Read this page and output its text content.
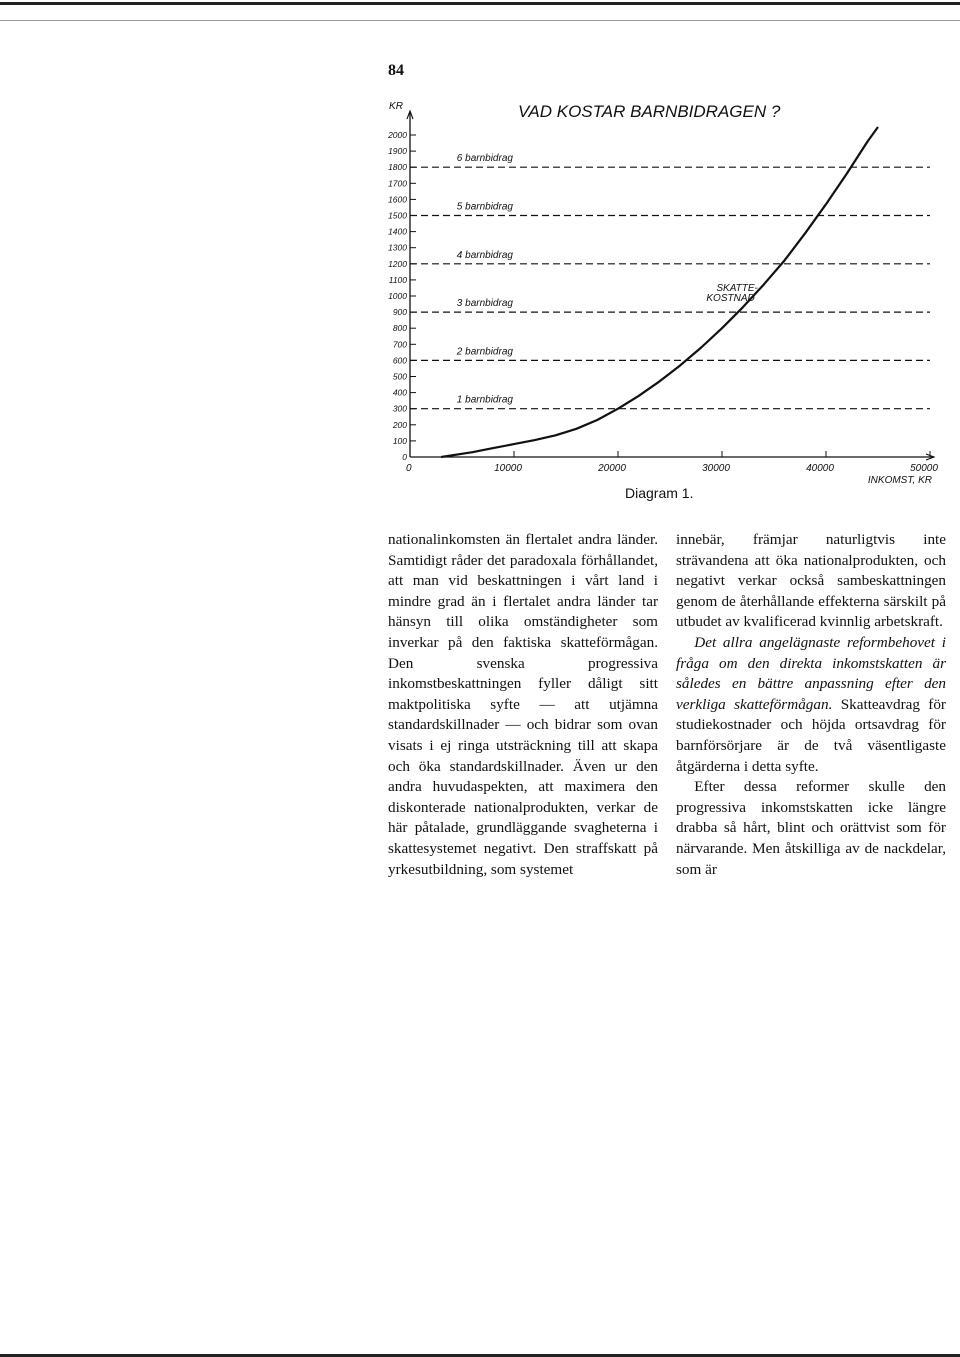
84
VAD KOSTAR BARNBIDRAGEN ?
KR
INKOMST, KR
0
100
200
300
400
500
600
700
800
900
1000
1100
1200
1300
1400
1500
1600
1700
1800
1900
2000
0	10000	20000	30000	40000	50000
1 barnbidrag
2 barnbidrag
3 barnbidrag
4 barnbidrag
5 barnbidrag
6 barnbidrag
SKATTE-
KOSTNAD
Diagram 1.

nationalinkomsten än flertalet andra länder. Samtidigt råder det paradoxala förhållandet, att man vid beskattningen i vårt land i mindre grad än i flertalet andra länder tar hänsyn till olika omständigheter som inverkar på den faktiska skatteförmågan. Den svenska progressiva inkomstbeskattningen fyller dåligt sitt maktpolitiska syfte — att utjämna standardskillnader — och bidrar som ovan visats i ej ringa utsträckning till att skapa och öka standardskillnader. Även ur den andra huvudaspekten, att maximera den diskonterade nationalprodukten, verkar de här påtalade, grundläggande svagheterna i skattesystemet negativt. Den straffskatt på yrkesutbildning, som systemet

innebär, främjar naturligtvis inte strävandena att öka nationalprodukten, och negativt verkar också sambeskattningen genom de återhållande effekterna särskilt på utbudet av kvalificerad kvinnlig arbetskraft.

Det allra angelägnaste reformbehovet i fråga om den direkta inkomstskatten är således en bättre anpassning efter den verkliga skatteförmågan. Skatteavdrag för studiekostnader och höjda ortsavdrag för barnförsörjare är de två väsentligaste åtgärderna i detta syfte.

Efter dessa reformer skulle den progressiva inkomstskatten icke längre drabba så hårt, blint och orättvist som för närvarande. Men åtskilliga av de nackdelar, som är
